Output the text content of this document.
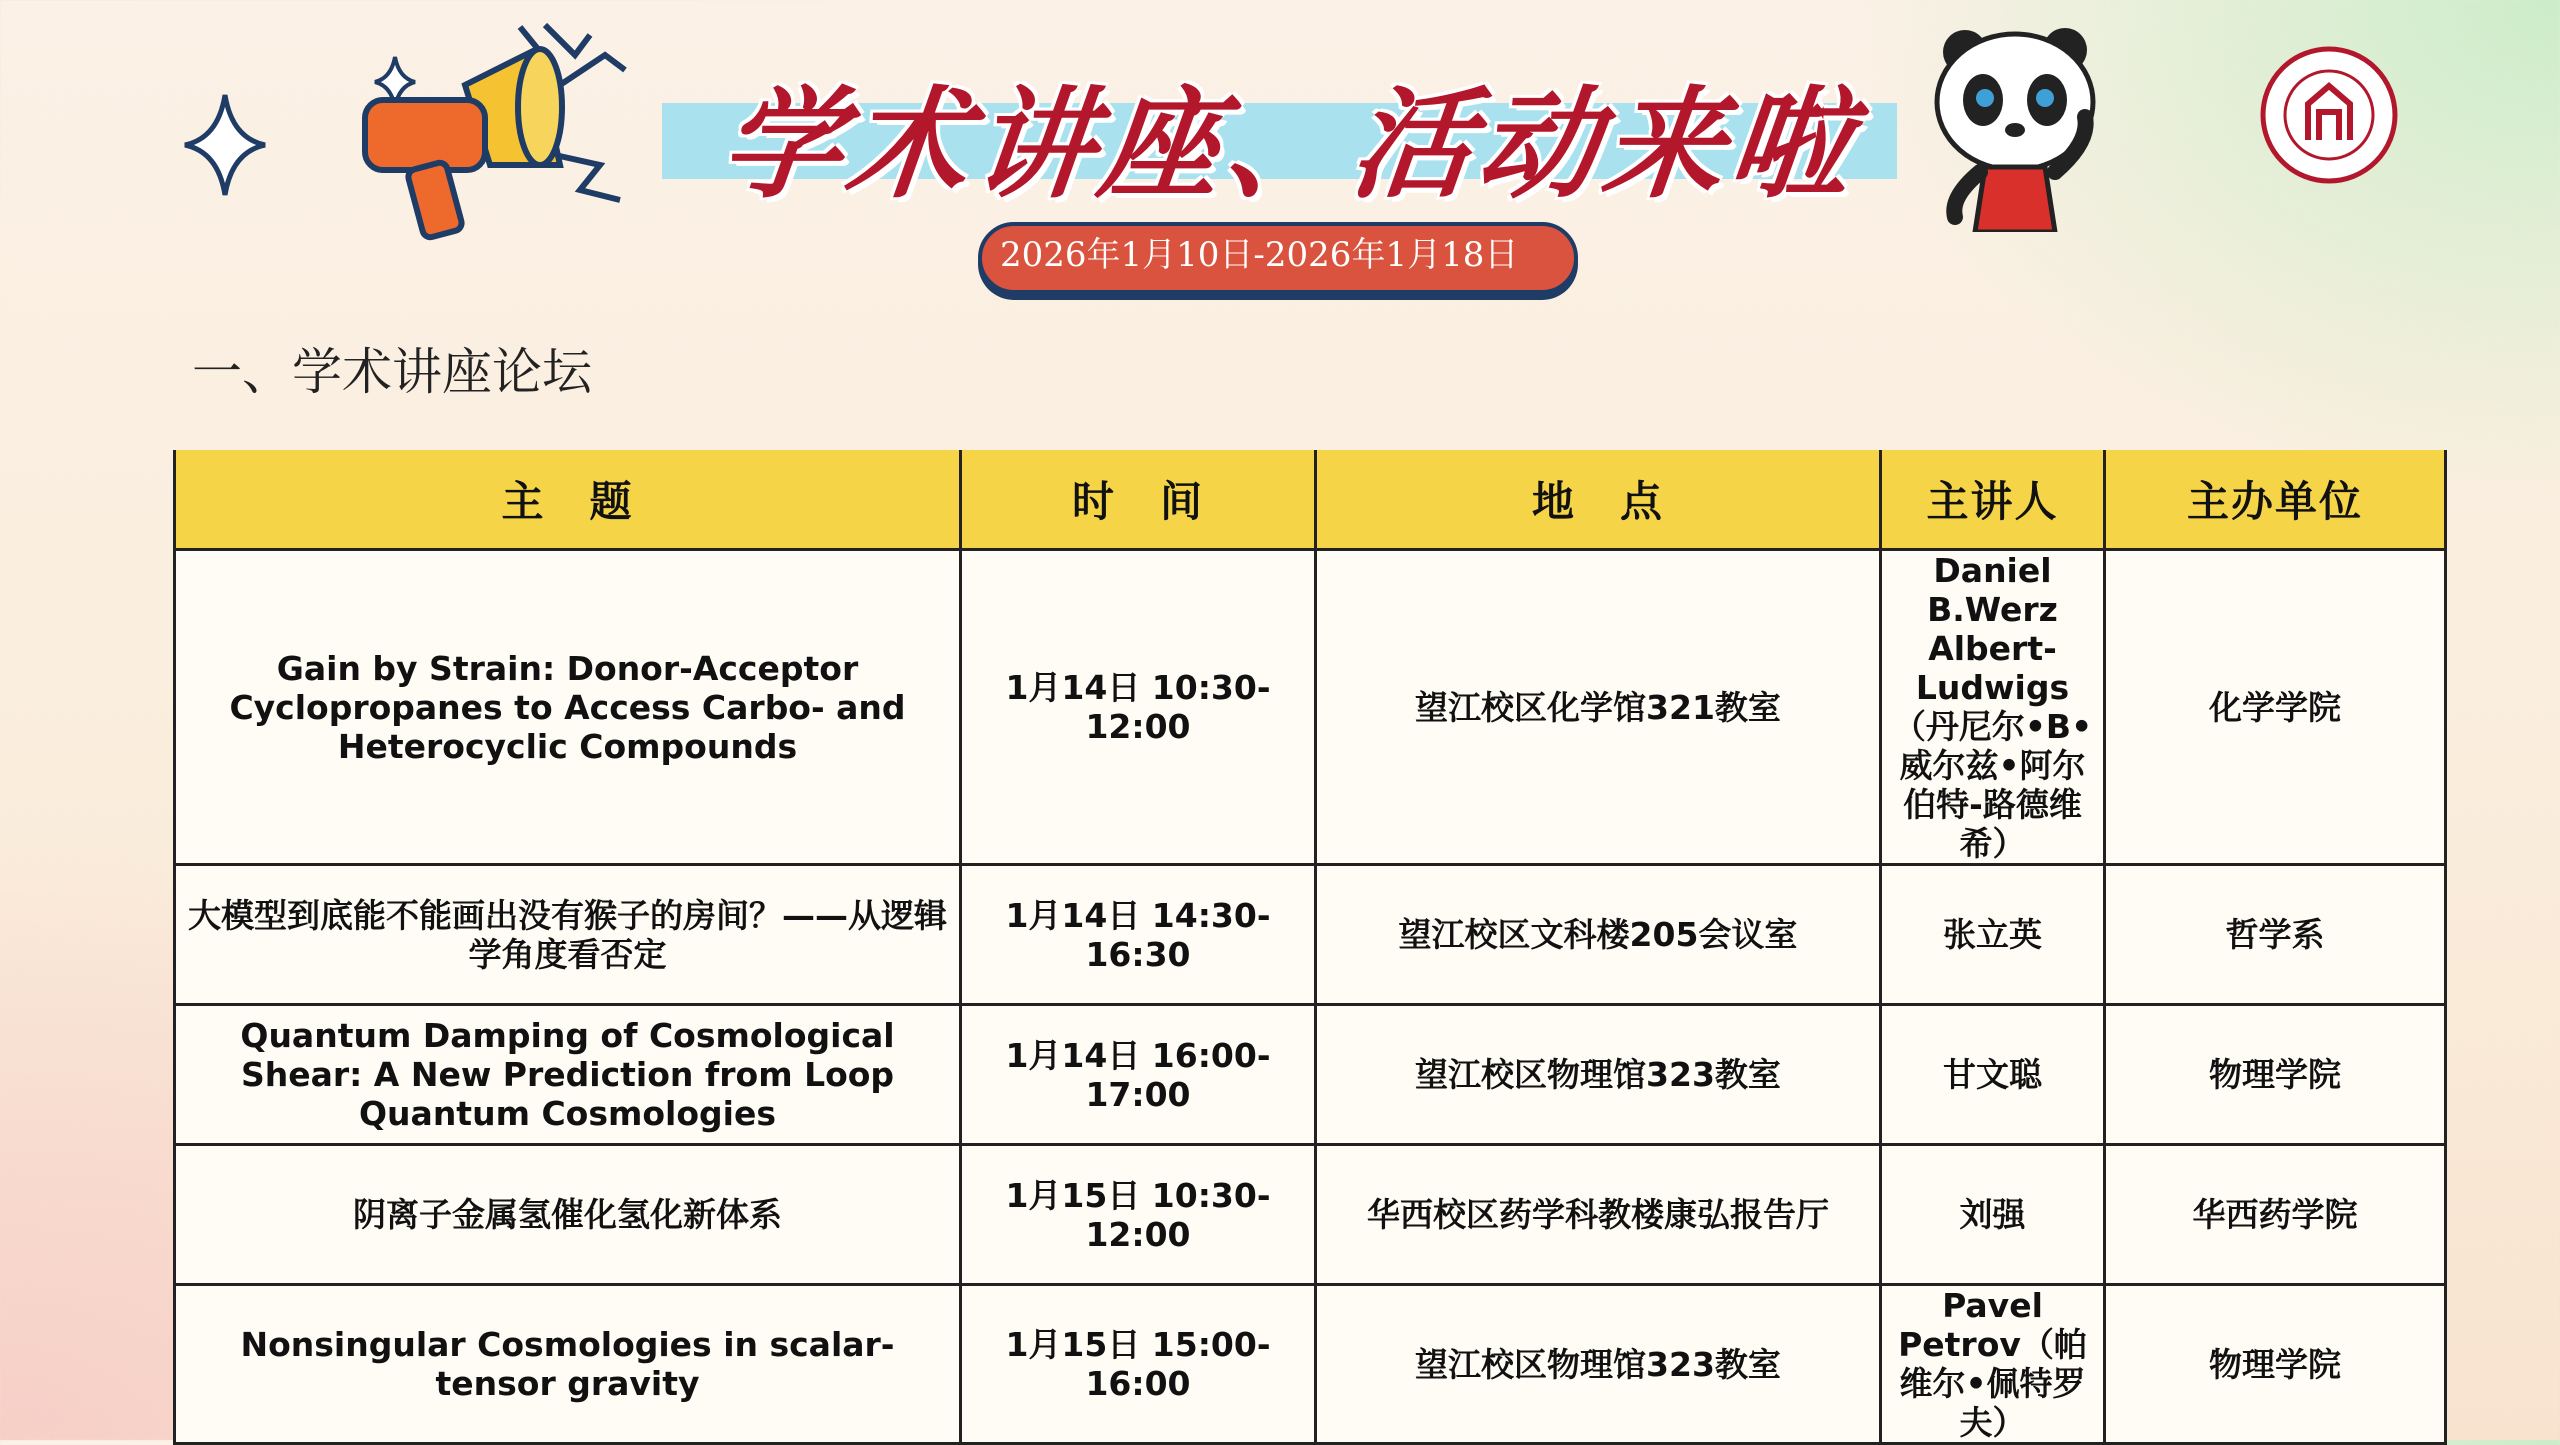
学术讲座、活动来啦
2026年1月10日-2026年1月18日
一、学术讲座论坛
主　题	时　间	地　点	主讲人	主办单位
Gain by Strain: Donor-Acceptor Cyclopropanes to Access Carbo- and Heterocyclic Compounds	1月14日 10:30-12:00	望江校区化学馆321教室	Daniel B.Werz Albert-Ludwigs（丹尼尔•B•威尔兹•阿尔伯特-路德维希）	化学学院
大模型到底能不能画出没有猴子的房间？——从逻辑学角度看否定	1月14日 14:30-16:30	望江校区文科楼205会议室	张立英	哲学系
Quantum Damping of Cosmological Shear: A New Prediction from Loop Quantum Cosmologies	1月14日 16:00-17:00	望江校区物理馆323教室	甘文聪	物理学院
阴离子金属氢催化氢化新体系	1月15日 10:30-12:00	华西校区药学科教楼康弘报告厅	刘强	华西药学院
Nonsingular Cosmologies in scalar-tensor gravity	1月15日 15:00-16:00	望江校区物理馆323教室	Pavel Petrov（帕维尔•佩特罗夫）	物理学院
